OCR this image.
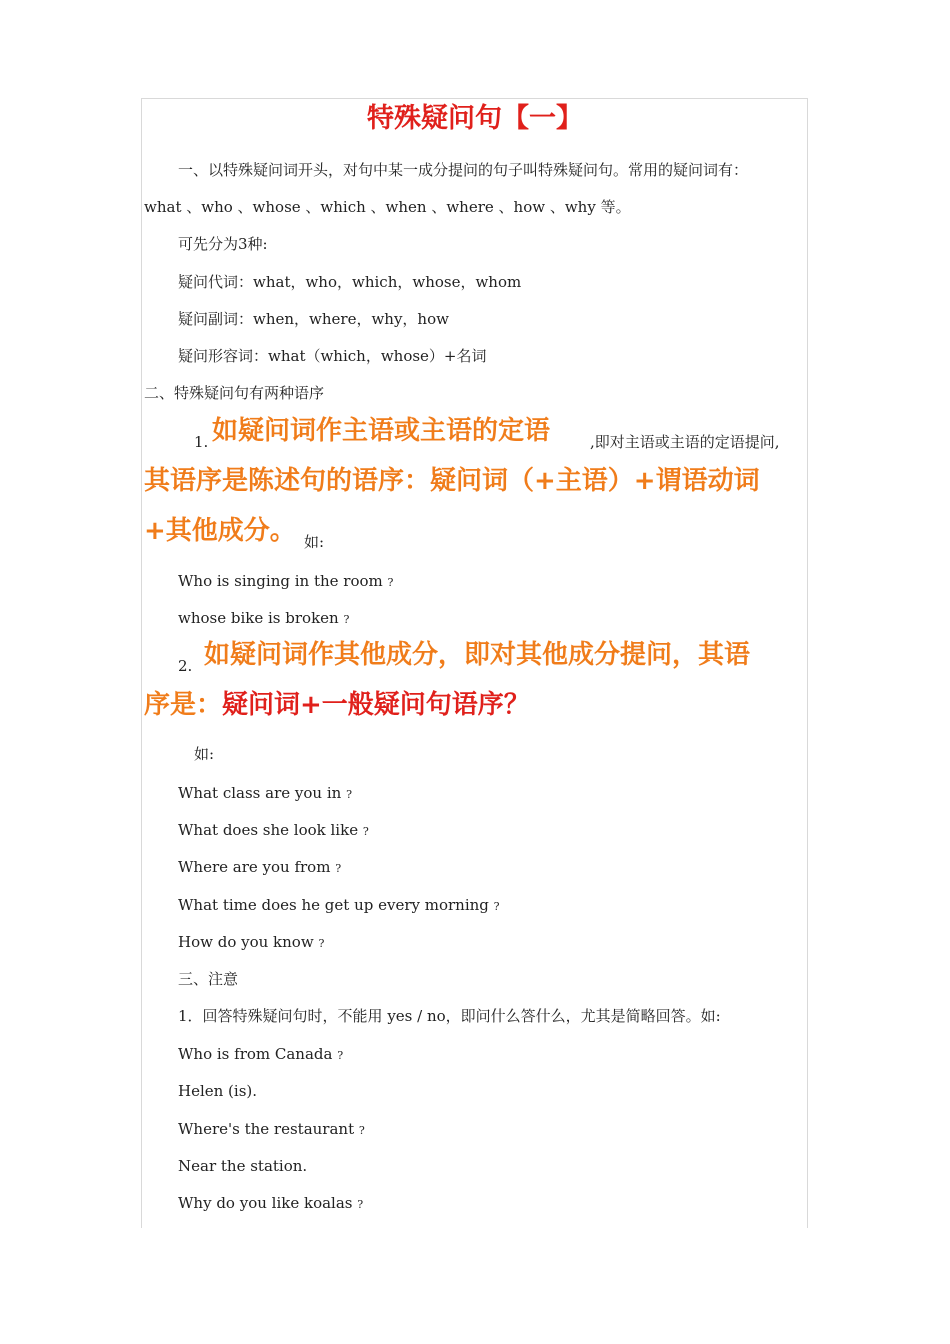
特殊疑问句【一】
一、以特殊疑问词开头，对句中某一成分提问的句子叫特殊疑问句。常用的疑问词有：
what 、who 、whose 、which 、when 、where 、how 、why 等。
可先分为3种:
疑问代词：what，who，which，whose，whom
疑问副词：when，where，why，how
疑问形容词：what（which，whose）+名词
二、特殊疑问句有两种语序
1. 如疑问词作主语或主语的定语	,即对主语或主语的定语提问,
其语序是陈述句的语序：疑问词（+主语）+谓语动词
+其他成分。 如:
Who is singing in the room ?
whose bike is broken ?
2. 如疑问词作其他成分，即对其他成分提问，其语
序是：疑问词+一般疑问句语序？
如:
What class are you in ?
What does she look like ?
Where are you from ?
What time does he get up every morning ?
How do you know ?
三、注意
1．回答特殊疑问句时，不能用 yes / no，即问什么答什么，尤其是简略回答。如:
Who is from Canada ?
Helen (is).
Where's the restaurant ?
Near the station.
Why do you like koalas ?
